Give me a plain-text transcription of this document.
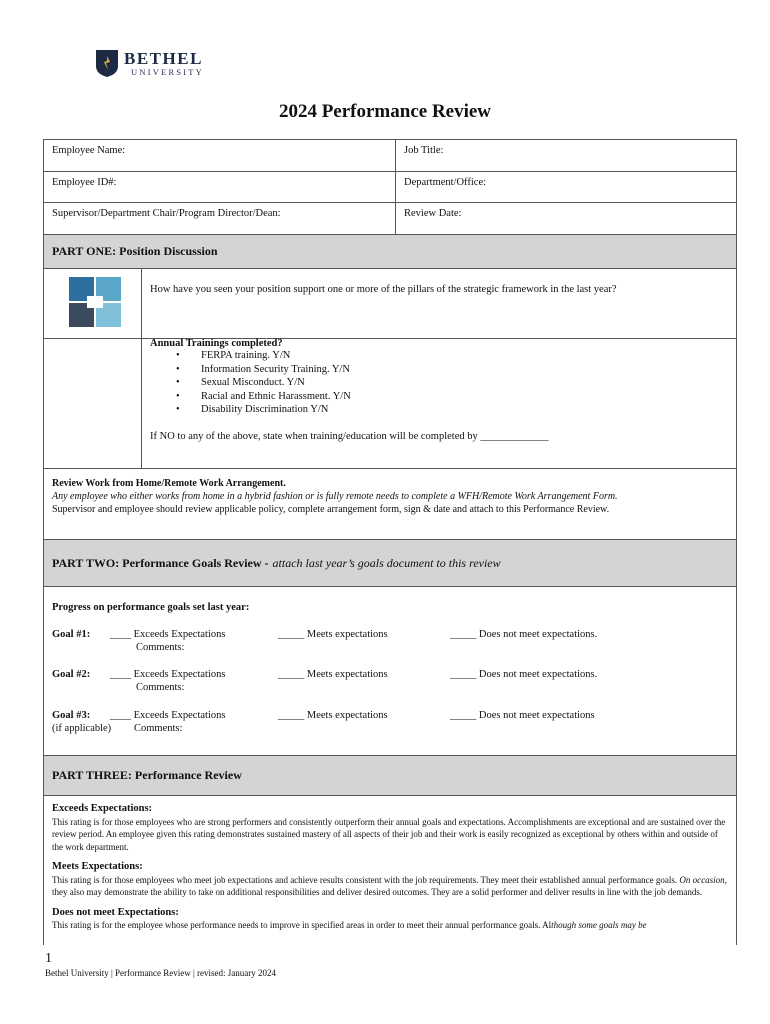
BETHEL
UNIVERSITY
2024 Performance Review
Employee Name:	Job Title:
Employee ID#:	Department/Office:
Supervisor/Department Chair/Program Director/Dean:	Review Date:
PART ONE: Position Discussion
How have you seen your position support one or more of the pillars of the strategic framework in the last year?
Annual Trainings completed?
• FERPA training. Y/N
• Information Security Training. Y/N
• Sexual Misconduct. Y/N
• Racial and Ethnic Harassment. Y/N
• Disability Discrimination Y/N
If NO to any of the above, state when training/education will be completed by _____________
Review Work from Home/Remote Work Arrangement.
Any employee who either works from home in a hybrid fashion or is fully remote needs to complete a WFH/Remote Work Arrangement Form.
Supervisor and employee should review applicable policy, complete arrangement form, sign & date and attach to this Performance Review.
PART TWO: Performance Goals Review - attach last year’s goals document to this review
Progress on performance goals set last year:
Goal #1: ____ Exceeds Expectations
Comments:
_____ Meets expectations	_____ Does not meet expectations.
Goal #2: ____ Exceeds Expectations
Comments:
_____ Meets expectations	_____ Does not meet expectations.
Goal #3:
(if applicable)
____ Exceeds Expectations
Comments:
_____ Meets expectations	_____ Does not meet expectations
PART THREE: Performance Review
Exceeds Expectations:
This rating is for those employees who are strong performers and consistently outperform their annual goals and expectations. Accomplishments are exceptional and are sustained over the review period. An employee given this rating demonstrates sustained mastery of all aspects of their job and their work is easily recognized as exceptional by others within and outside of the work department.
Meets Expectations:
This rating is for those employees who meet job expectations and achieve results consistent with the job requirements. They meet their established annual performance goals. On occasion, they also may demonstrate the ability to take on additional responsibilities and deliver desired outcomes. They are a solid performer and deliver results in line with the job demands.
Does not meet Expectations:
This rating is for the employee whose performance needs to improve in specified areas in order to meet their annual performance goals. Although some goals may be
1
Bethel University | Performance Review | revised: January 2024
